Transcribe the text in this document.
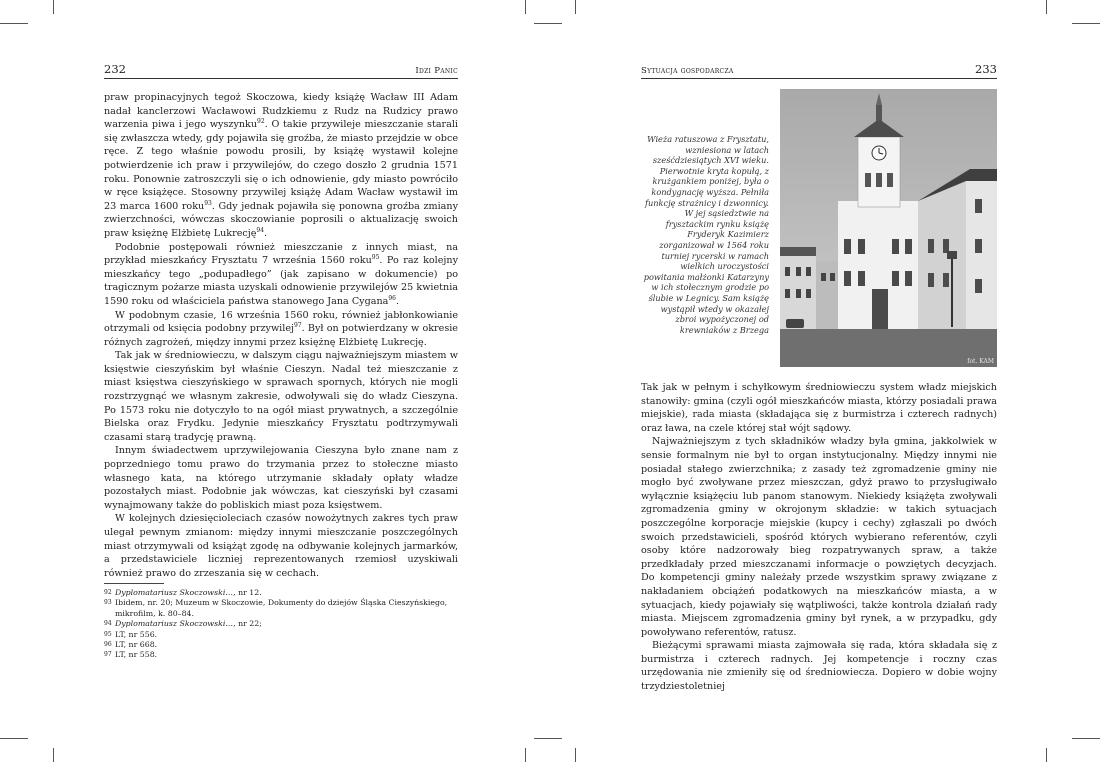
232	Idzi Panic

praw propinacyjnych tegoż Skoczowa, kiedy książę Wacław III Adam nadał kanclerzowi Wacławowi Rudzkiemu z Rudz na Rudzicy prawo warzenia piwa i jego wyszynku$^{92}$. O takie przywileje mieszczanie starali się zwłaszcza wtedy, gdy pojawiła się groźba, że miasto przejdzie w obce ręce. Z tego właśnie powodu prosili, by książę wystawił kolejne potwierdzenie ich praw i przywilejów, do czego doszło 2 grudnia 1571 roku. Ponownie zatroszczyli się o ich odnowienie, gdy miasto powróciło w ręce książęce. Stosowny przywilej książę Adam Wacław wystawił im 23 marca 1600 roku$^{93}$. Gdy jednak pojawiła się ponowna groźba zmiany zwierzchności, wówczas skoczowianie poprosili o aktualizację swoich praw księżnę Elżbietę Lukrecję$^{94}$.

Podobnie postępowali również mieszczanie z innych miast, na przykład mieszkańcy Frysztatu 7 września 1560 roku$^{95}$. Po raz kolejny mieszkańcy tego „podupadłego” (jak zapisano w dokumencie) po tragicznym pożarze miasta uzyskali odnowienie przywilejów 25 kwietnia 1590 roku od właściciela państwa stanowego Jana Cygana$^{96}$.

W podobnym czasie, 16 września 1560 roku, również jabłonkowianie otrzymali od księcia podobny przywilej$^{97}$. Był on potwierdzany w okresie różnych zagrożeń, między innymi przez księżnę Elżbietę Lukrecję.

Tak jak w średniowieczu, w dalszym ciągu najważniejszym miastem w księstwie cieszyńskim był właśnie Cieszyn. Nadal też mieszczanie z miast księstwa cieszyńskiego w sprawach spornych, których nie mogli rozstrzygnąć we własnym zakresie, odwoływali się do władz Cieszyna. Po 1573 roku nie dotyczyło to na ogół miast prywatnych, a szczególnie Bielska oraz Frydku. Jedynie mieszkańcy Frysztatu podtrzymywali czasami starą tradycję prawną.

Innym świadectwem uprzywilejowania Cieszyna było znane nam z poprzedniego tomu prawo do trzymania przez to stołeczne miasto własnego kata, na którego utrzymanie składały opłaty władze pozostałych miast. Podobnie jak wówczas, kat cieszyński był czasami wynajmowany także do pobliskich miast poza księstwem.

W kolejnych dziesięcioleciach czasów nowożytnych zakres tych praw ulegał pewnym zmianom: między innymi mieszczanie poszczególnych miast otrzymywali od książąt zgodę na odbywanie kolejnych jarmarków, a przedstawiciele liczniej reprezentowanych rzemiosł uzyskiwali również prawo do zrzeszania się w cechach.

92 Dyplomatariusz Skoczowski…, nr 12.
93 Ibidem, nr. 20; Muzeum w Skoczowie, Dokumenty do dziejów Śląska Cieszyńskiego, mikrofilm, k. 80–84.
94 Dyplomatariusz Skoczowski…, nr 22;
95 LT, nr 556.
96 LT, nr 668.
97 LT, nr 558.
Sytuacja gospodarcza	233
Wieża ratuszowa z Frysztatu, wzniesiona w latach sześćdziesiątych XVI wieku. Pierwotnie kryta kopułą, z krużgankiem poniżej, była o kondygnację wyższa. Pełniła funkcję strażnicy i dzwonnicy. W jej sąsiedztwie na frysztackim rynku książę Fryderyk Kazimierz zorganizował w 1564 roku turniej rycerski w ramach wielkich uroczystości powitania małżonki Katarzyny w ich stołecznym grodzie po ślubie w Legnicy. Sam książę wystąpił wtedy w okazałej zbroi wypożyczonej od krewniaków z Brzega
fot. KAM

Tak jak w pełnym i schyłkowym średniowieczu system władz miejskich stanowiły: gmina (czyli ogół mieszkańców miasta, którzy posiadali prawa miejskie), rada miasta (składająca się z burmistrza i czterech radnych) oraz ława, na czele której stał wójt sądowy.

Najważniejszym z tych składników władzy była gmina, jakkolwiek w sensie formalnym nie był to organ instytucjonalny. Między innymi nie posiadał stałego zwierzchnika; z zasady też zgromadzenie gminy nie mogło być zwoływane przez mieszczan, gdyż prawo to przysługiwało wyłącznie książęciu lub panom stanowym. Niekiedy książęta zwoływali zgromadzenia gminy w okrojonym składzie: w takich sytuacjach poszczególne korporacje miejskie (kupcy i cechy) zgłaszali po dwóch swoich przedstawicieli, spośród których wybierano referentów, czyli osoby które nadzorowały bieg rozpatrywanych spraw, a także przedkładały przed mieszczanami informacje o powziętych decyzjach. Do kompetencji gminy należały przede wszystkim sprawy związane z nakładaniem obciążeń podatkowych na mieszkańców miasta, a w sytuacjach, kiedy pojawiały się wątpliwości, także kontrola działań rady miasta. Miejscem zgromadzenia gminy był rynek, a w przypadku, gdy powoływano referentów, ratusz.

Bieżącymi sprawami miasta zajmowała się rada, która składała się z burmistrza i czterech radnych. Jej kompetencje i roczny czas urzędowania nie zmieniły się od średniowiecza. Dopiero w dobie wojny trzydziestoletniej
